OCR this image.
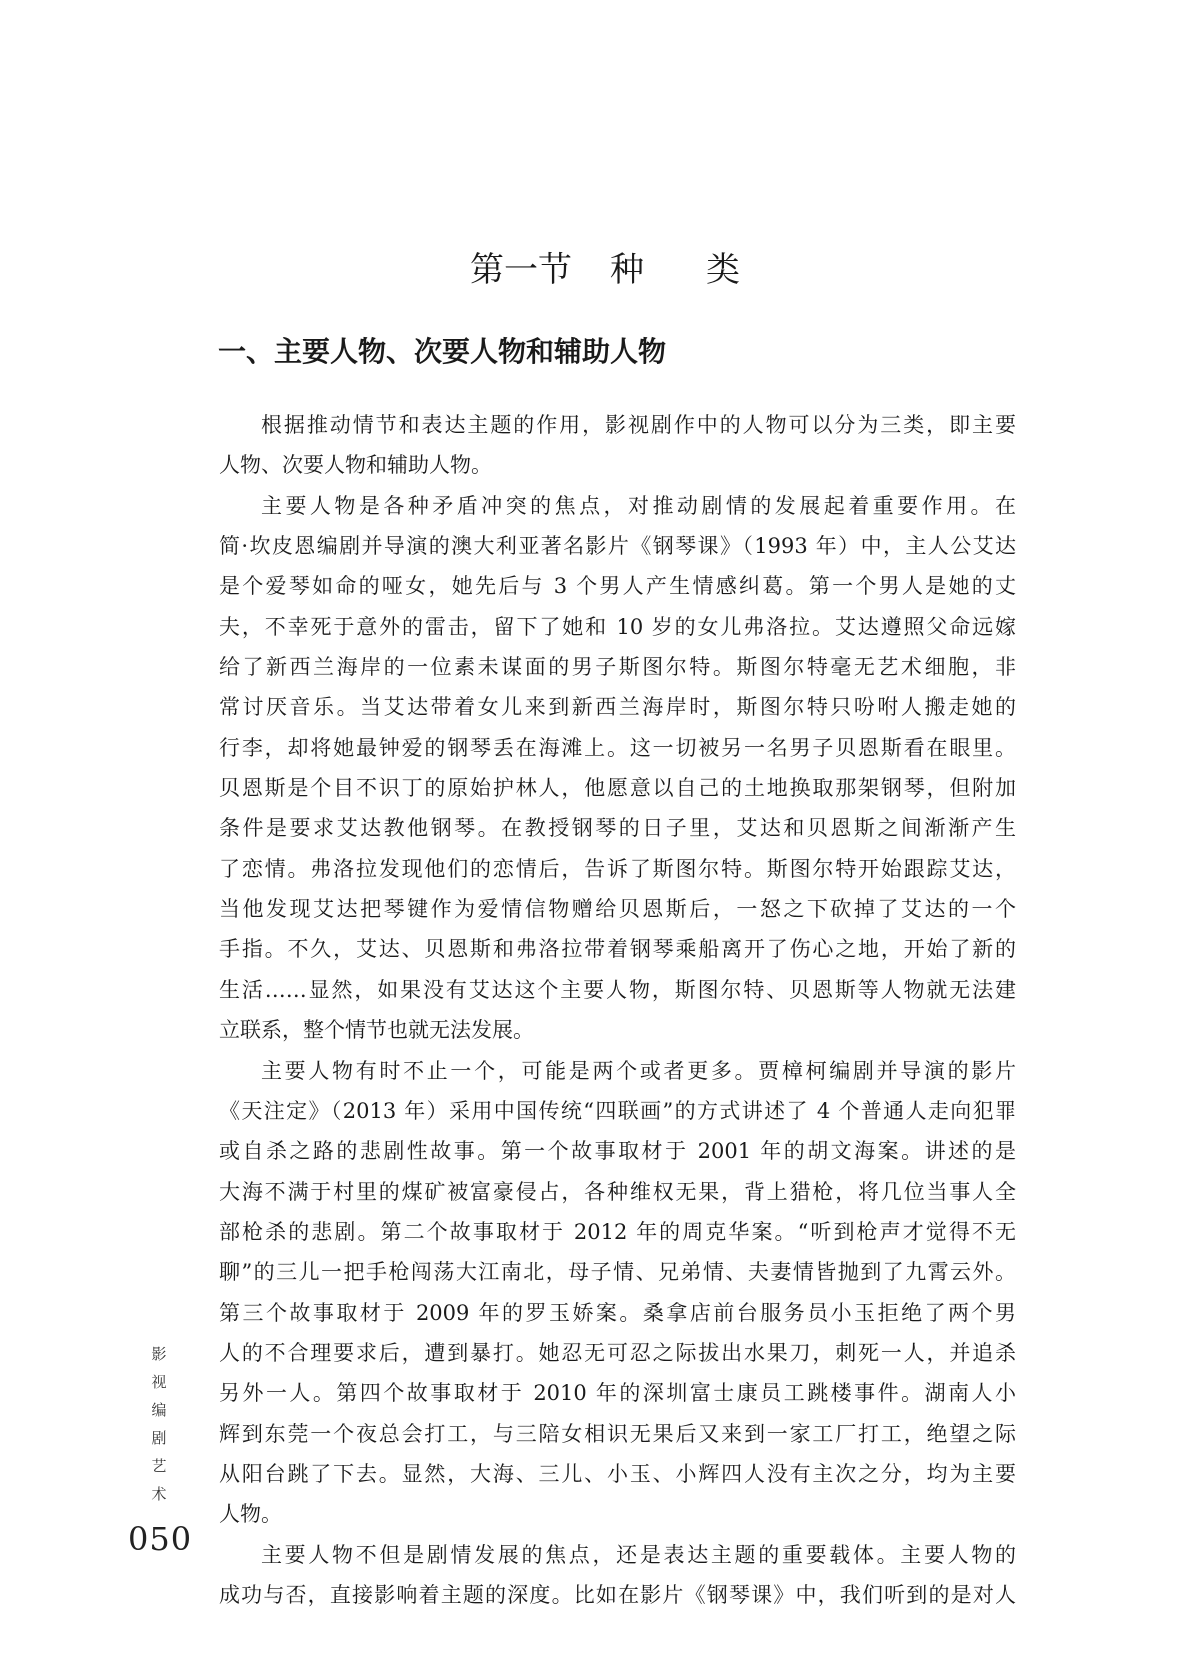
第一节 种 类
一、主要人物、次要人物和辅助人物
根据推动情节和表达主题的作用，影视剧作中的人物可以分为三类，即主要
人物、次要人物和辅助人物。
主要人物是各种矛盾冲突的焦点，对推动剧情的发展起着重要作用。在
简·坎皮恩编剧并导演的澳大利亚著名影片《钢琴课》（1993 年）中，主人公艾达
是个爱琴如命的哑女，她先后与 3 个男人产生情感纠葛。第一个男人是她的丈
夫，不幸死于意外的雷击，留下了她和 10 岁的女儿弗洛拉。艾达遵照父命远嫁
给了新西兰海岸的一位素未谋面的男子斯图尔特。斯图尔特毫无艺术细胞，非
常讨厌音乐。当艾达带着女儿来到新西兰海岸时，斯图尔特只吩咐人搬走她的
行李，却将她最钟爱的钢琴丢在海滩上。这一切被另一名男子贝恩斯看在眼里。
贝恩斯是个目不识丁的原始护林人，他愿意以自己的土地换取那架钢琴，但附加
条件是要求艾达教他钢琴。在教授钢琴的日子里，艾达和贝恩斯之间渐渐产生
了恋情。弗洛拉发现他们的恋情后，告诉了斯图尔特。斯图尔特开始跟踪艾达，
当他发现艾达把琴键作为爱情信物赠给贝恩斯后，一怒之下砍掉了艾达的一个
手指。不久，艾达、贝恩斯和弗洛拉带着钢琴乘船离开了伤心之地，开始了新的
生活……显然，如果没有艾达这个主要人物，斯图尔特、贝恩斯等人物就无法建
立联系，整个情节也就无法发展。
主要人物有时不止一个，可能是两个或者更多。贾樟柯编剧并导演的影片
《天注定》（2013 年）采用中国传统“四联画”的方式讲述了 4 个普通人走向犯罪
或自杀之路的悲剧性故事。第一个故事取材于 2001 年的胡文海案。讲述的是
大海不满于村里的煤矿被富豪侵占，各种维权无果，背上猎枪，将几位当事人全
部枪杀的悲剧。第二个故事取材于 2012 年的周克华案。“听到枪声才觉得不无
聊”的三儿一把手枪闯荡大江南北，母子情、兄弟情、夫妻情皆抛到了九霄云外。
第三个故事取材于 2009 年的罗玉娇案。桑拿店前台服务员小玉拒绝了两个男
人的不合理要求后，遭到暴打。她忍无可忍之际拔出水果刀，刺死一人，并追杀
另外一人。第四个故事取材于 2010 年的深圳富士康员工跳楼事件。湖南人小
辉到东莞一个夜总会打工，与三陪女相识无果后又来到一家工厂打工，绝望之际
从阳台跳了下去。显然，大海、三儿、小玉、小辉四人没有主次之分，均为主要
人物。
主要人物不但是剧情发展的焦点，还是表达主题的重要载体。主要人物的
成功与否，直接影响着主题的深度。比如在影片《钢琴课》中，我们听到的是对人
影
视
编
剧
艺
术
050
